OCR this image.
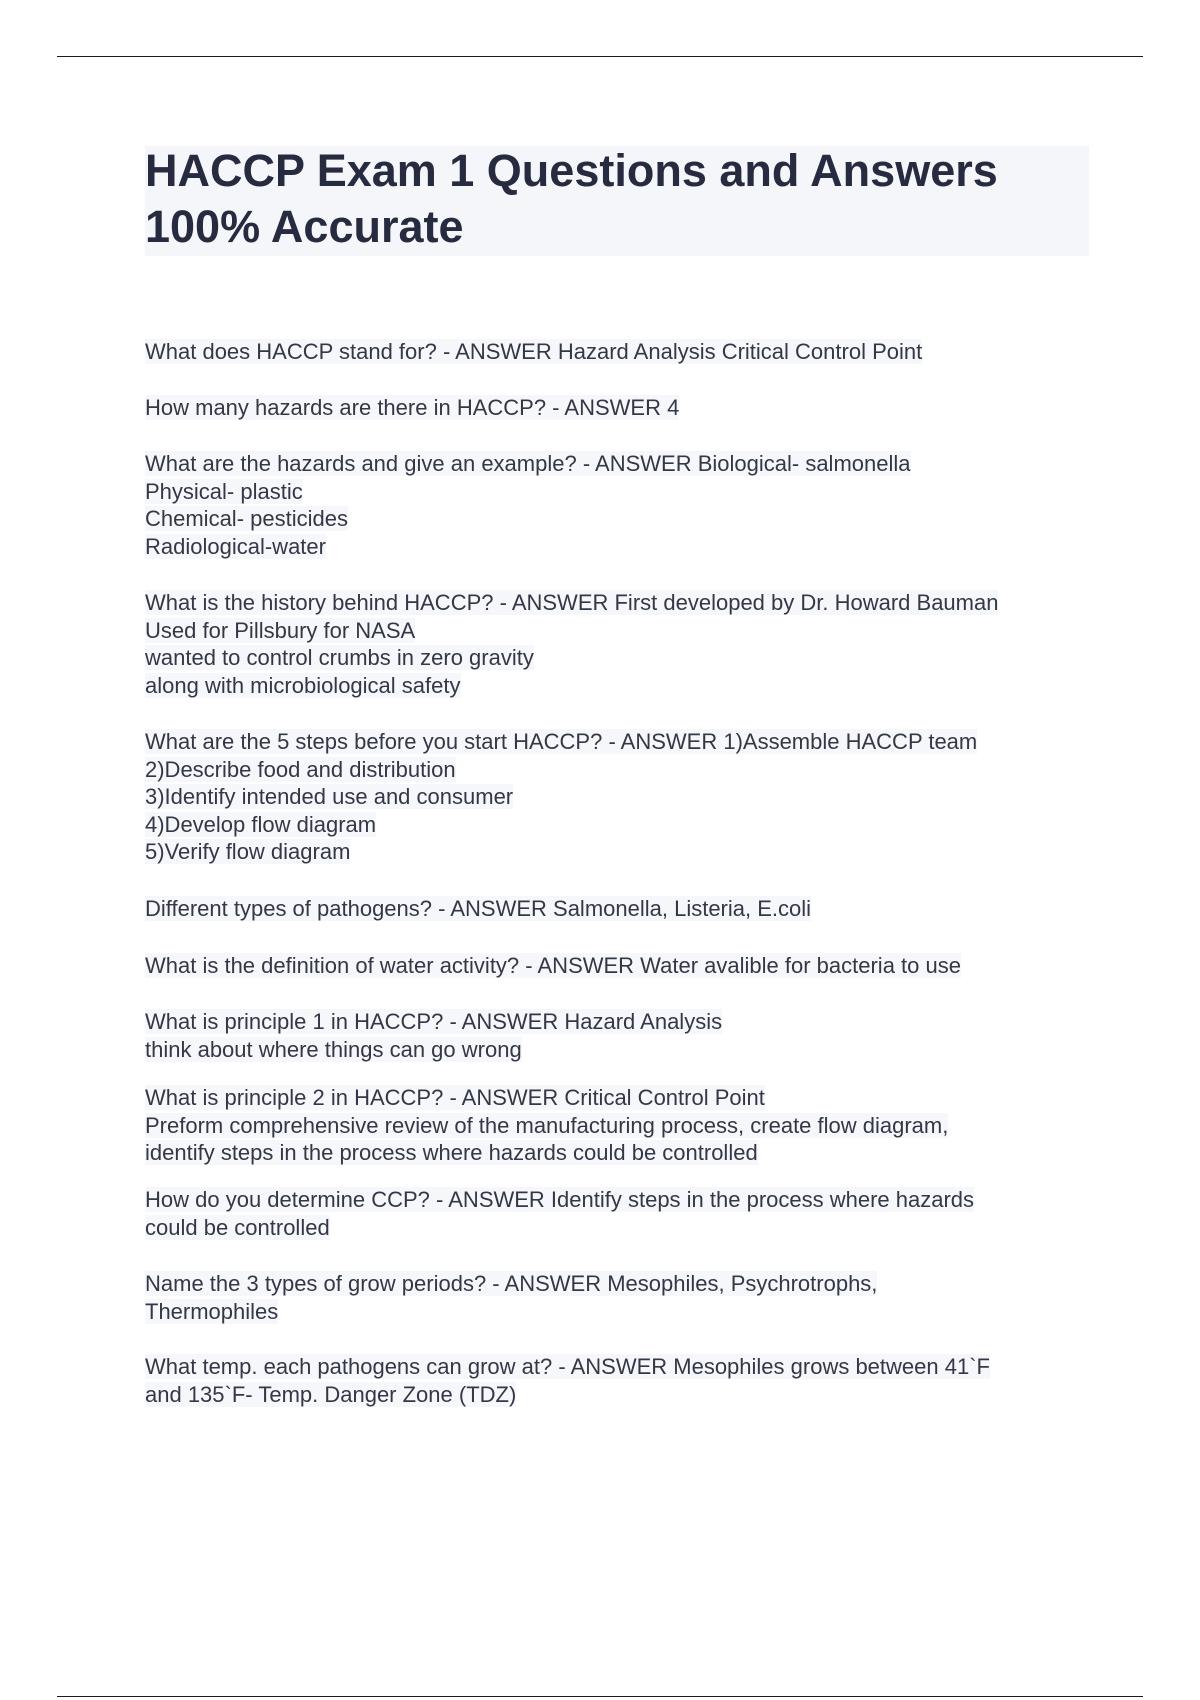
HACCP Exam 1 Questions and Answers
100% Accurate
What does HACCP stand for? - ANSWER Hazard Analysis Critical Control Point
How many hazards are there in HACCP? - ANSWER 4
What are the hazards and give an example? - ANSWER Biological- salmonella
Physical- plastic
Chemical- pesticides
Radiological-water
What is the history behind HACCP? - ANSWER First developed by Dr. Howard Bauman
Used for Pillsbury for NASA
wanted to control crumbs in zero gravity
along with microbiological safety
What are the 5 steps before you start HACCP? - ANSWER 1)Assemble HACCP team
2)Describe food and distribution
3)Identify intended use and consumer
4)Develop flow diagram
5)Verify flow diagram
Different types of pathogens? - ANSWER Salmonella, Listeria, E.coli
What is the definition of water activity? - ANSWER Water avalible for bacteria to use
What is principle 1 in HACCP? - ANSWER Hazard Analysis
think about where things can go wrong
What is principle 2 in HACCP? - ANSWER Critical Control Point
Preform comprehensive review of the manufacturing process, create flow diagram,
identify steps in the process where hazards could be controlled
How do you determine CCP? - ANSWER Identify steps in the process where hazards
could be controlled
Name the 3 types of grow periods? - ANSWER Mesophiles, Psychrotrophs,
Thermophiles
What temp. each pathogens can grow at? - ANSWER Mesophiles grows between 41`F
and 135`F- Temp. Danger Zone (TDZ)
